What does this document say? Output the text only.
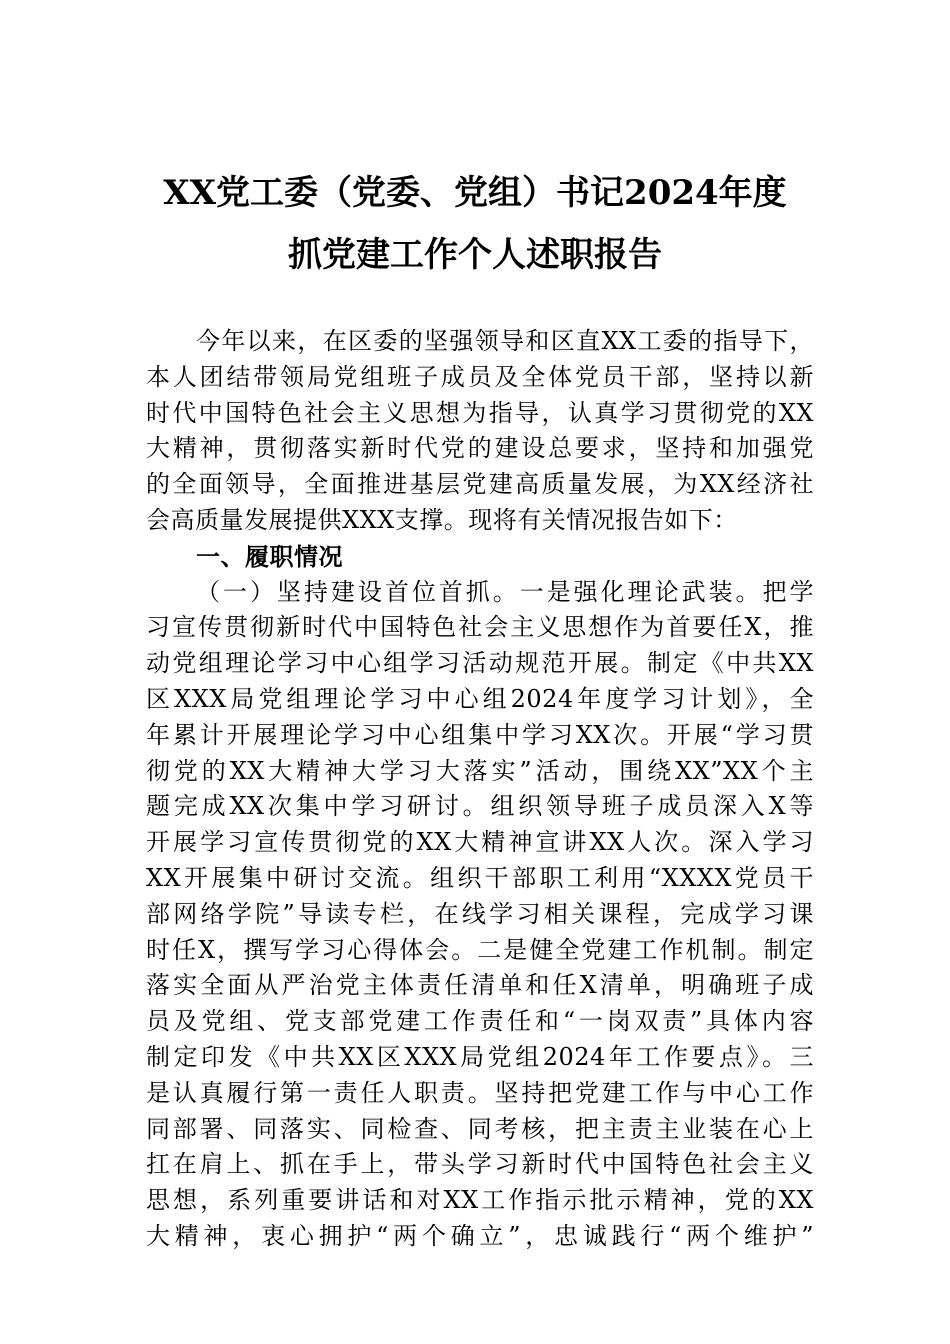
XX党工委（党委、党组）书记2024年度
抓党建工作个人述职报告
今年以来，在区委的坚强领导和区直XX工委的指导下，
本人团结带领局党组班子成员及全体党员干部，坚持以新
时代中国特色社会主义思想为指导，认真学习贯彻党的XX
大精神，贯彻落实新时代党的建设总要求，坚持和加强党
的全面领导，全面推进基层党建高质量发展，为XX经济社
会高质量发展提供XXX支撑。现将有关情况报告如下：
一、履职情况
（一）坚持建设首位首抓。一是强化理论武装。把学
习宣传贯彻新时代中国特色社会主义思想作为首要任X，推
动党组理论学习中心组学习活动规范开展。制定《中共XX
区XXX局党组理论学习中心组2024年度学习计划》，全
年累计开展理论学习中心组集中学习XX次。开展“学习贯
彻党的XX大精神大学习大落实”活动，围绕XX”XX个主
题完成XX次集中学习研讨。组织领导班子成员深入X等
开展学习宣传贯彻党的XX大精神宣讲XX人次。深入学习
XX开展集中研讨交流。组织干部职工利用“XXXX党员干
部网络学院”导读专栏，在线学习相关课程，完成学习课
时任X，撰写学习心得体会。二是健全党建工作机制。制定
落实全面从严治党主体责任清单和任X清单，明确班子成
员及党组、党支部党建工作责任和“一岗双责”具体内容
制定印发《中共XX区XXX局党组2024年工作要点》。三
是认真履行第一责任人职责。坚持把党建工作与中心工作
同部署、同落实、同检查、同考核，把主责主业装在心上
扛在肩上、抓在手上，带头学习新时代中国特色社会主义
思想，系列重要讲话和对XX工作指示批示精神，党的XX
大精神，衷心拥护“两个确立”，忠诚践行“两个维护”
